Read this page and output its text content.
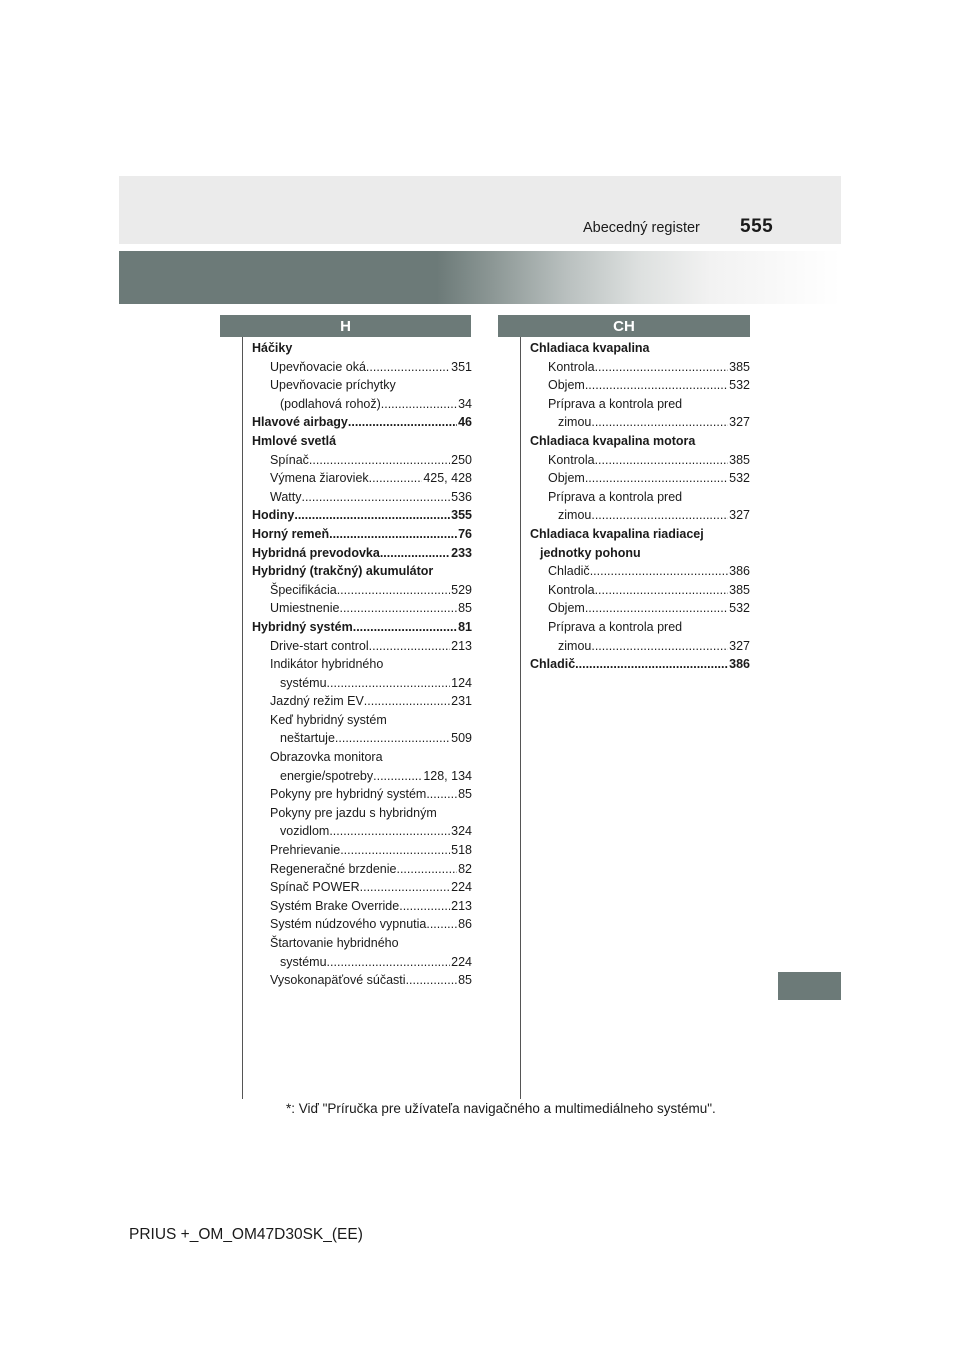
Abecedný register 555
H	CH
Háčiky
Upevňovacie oká .....	351
Upevňovacie príchytky
(podlahová rohož) .....	34
Hlavové airbagy .....	46
Hmlové svetlá
Spínač .....	250
Výmena žiaroviek .....	425, 428
Watty .....	536
Hodiny .....	355
Horný remeň .....	76
Hybridná prevodovka .....	233
Hybridný (trakčný) akumulátor
Špecifikácia .....	529
Umiestnenie .....	85
Hybridný systém .....	81
Drive-start control .....	213
Indikátor hybridného
systému .....	124
Jazdný režim EV .....	231
Keď hybridný systém
neštartuje .....	509
Obrazovka monitora
energie/spotreby .....	128, 134
Pokyny pre hybridný systém .....	85
Pokyny pre jazdu s hybridným
vozidlom .....	324
Prehrievanie .....	518
Regeneračné brzdenie .....	82
Spínač POWER .....	224
Systém Brake Override .....	213
Systém núdzového vypnutia .....	86
Štartovanie hybridného
systému .....	224
Vysokonapäťové súčasti .....	85
Chladiaca kvapalina
Kontrola .....	385
Objem .....	532
Príprava a kontrola pred
zimou .....	327
Chladiaca kvapalina motora
Kontrola .....	385
Objem .....	532
Príprava a kontrola pred
zimou .....	327
Chladiaca kvapalina riadiacej
jednotky pohonu
Chladič .....	386
Kontrola .....	385
Objem .....	532
Príprava a kontrola pred
zimou .....	327
Chladič .....	386
*: Viď "Príručka pre užívateľa navigačného a multimediálneho systému".
PRIUS +_OM_OM47D30SK_(EE)
